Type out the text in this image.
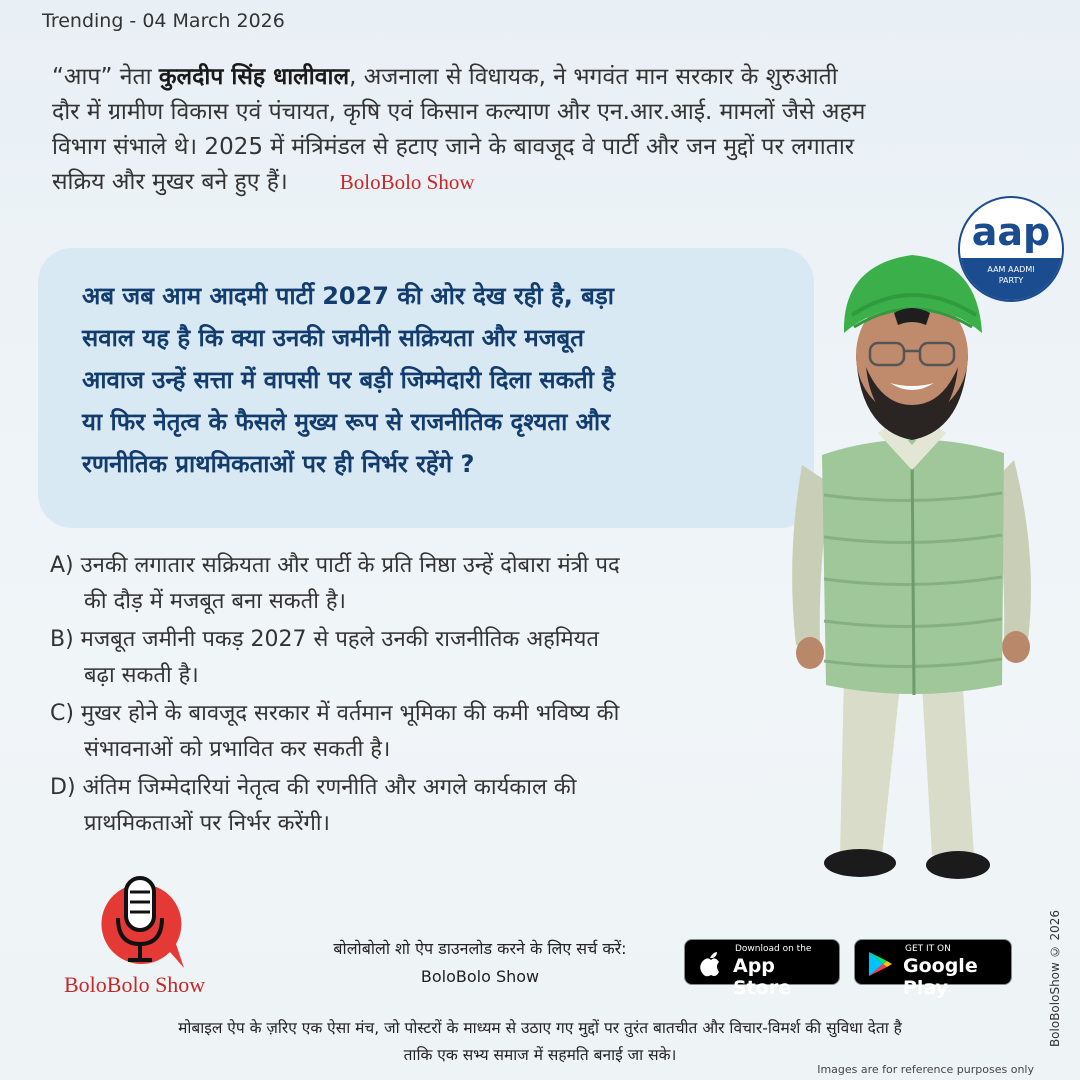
Trending - 04 March 2026
“आप” नेता कुलदीप सिंह धालीवाल, अजनाला से विधायक, ने भगवंत मान सरकार के शुरुआती
दौर में ग्रामीण विकास एवं पंचायत, कृषि एवं किसान कल्याण और एन.आर.आई. मामलों जैसे अहम
विभाग संभाले थे। 2025 में मंत्रिमंडल से हटाए जाने के बावजूद वे पार्टी और जन मुद्दों पर लगातार
सक्रिय और मुखर बने हुए हैं। BoloBolo Show
अब जब आम आदमी पार्टी 2027 की ओर देख रही है, बड़ा
सवाल यह है कि क्या उनकी जमीनी सक्रियता और मजबूत
आवाज उन्हें सत्ता में वापसी पर बड़ी जिम्मेदारी दिला सकती है
या फिर नेतृत्व के फैसले मुख्य रूप से राजनीतिक दृश्यता और
रणनीतिक प्राथमिकताओं पर ही निर्भर रहेंगे ?
A) उनकी लगातार सक्रियता और पार्टी के प्रति निष्ठा उन्हें दोबारा मंत्री पद
की दौड़ में मजबूत बना सकती है।
B) मजबूत जमीनी पकड़ 2027 से पहले उनकी राजनीतिक अहमियत
बढ़ा सकती है।
C) मुखर होने के बावजूद सरकार में वर्तमान भूमिका की कमी भविष्य की
संभावनाओं को प्रभावित कर सकती है।
D) अंतिम जिम्मेदारियां नेतृत्व की रणनीति और अगले कार्यकाल की
प्राथमिकताओं पर निर्भर करेंगी।
aap
AAM AADMI
PARTY
BoloBolo Show
बोलोबोलो शो ऐप डाउनलोड करने के लिए सर्च करें:
BoloBolo Show
Download on the
App Store
GET IT ON
Google Play
मोबाइल ऐप के ज़रिए एक ऐसा मंच, जो पोस्टरों के माध्यम से उठाए गए मुद्दों पर तुरंत बातचीत और विचार-विमर्श की सुविधा देता है
ताकि एक सभ्य समाज में सहमति बनाई जा सके।
Images are for reference purposes only
BoloBoloShow © 2026
